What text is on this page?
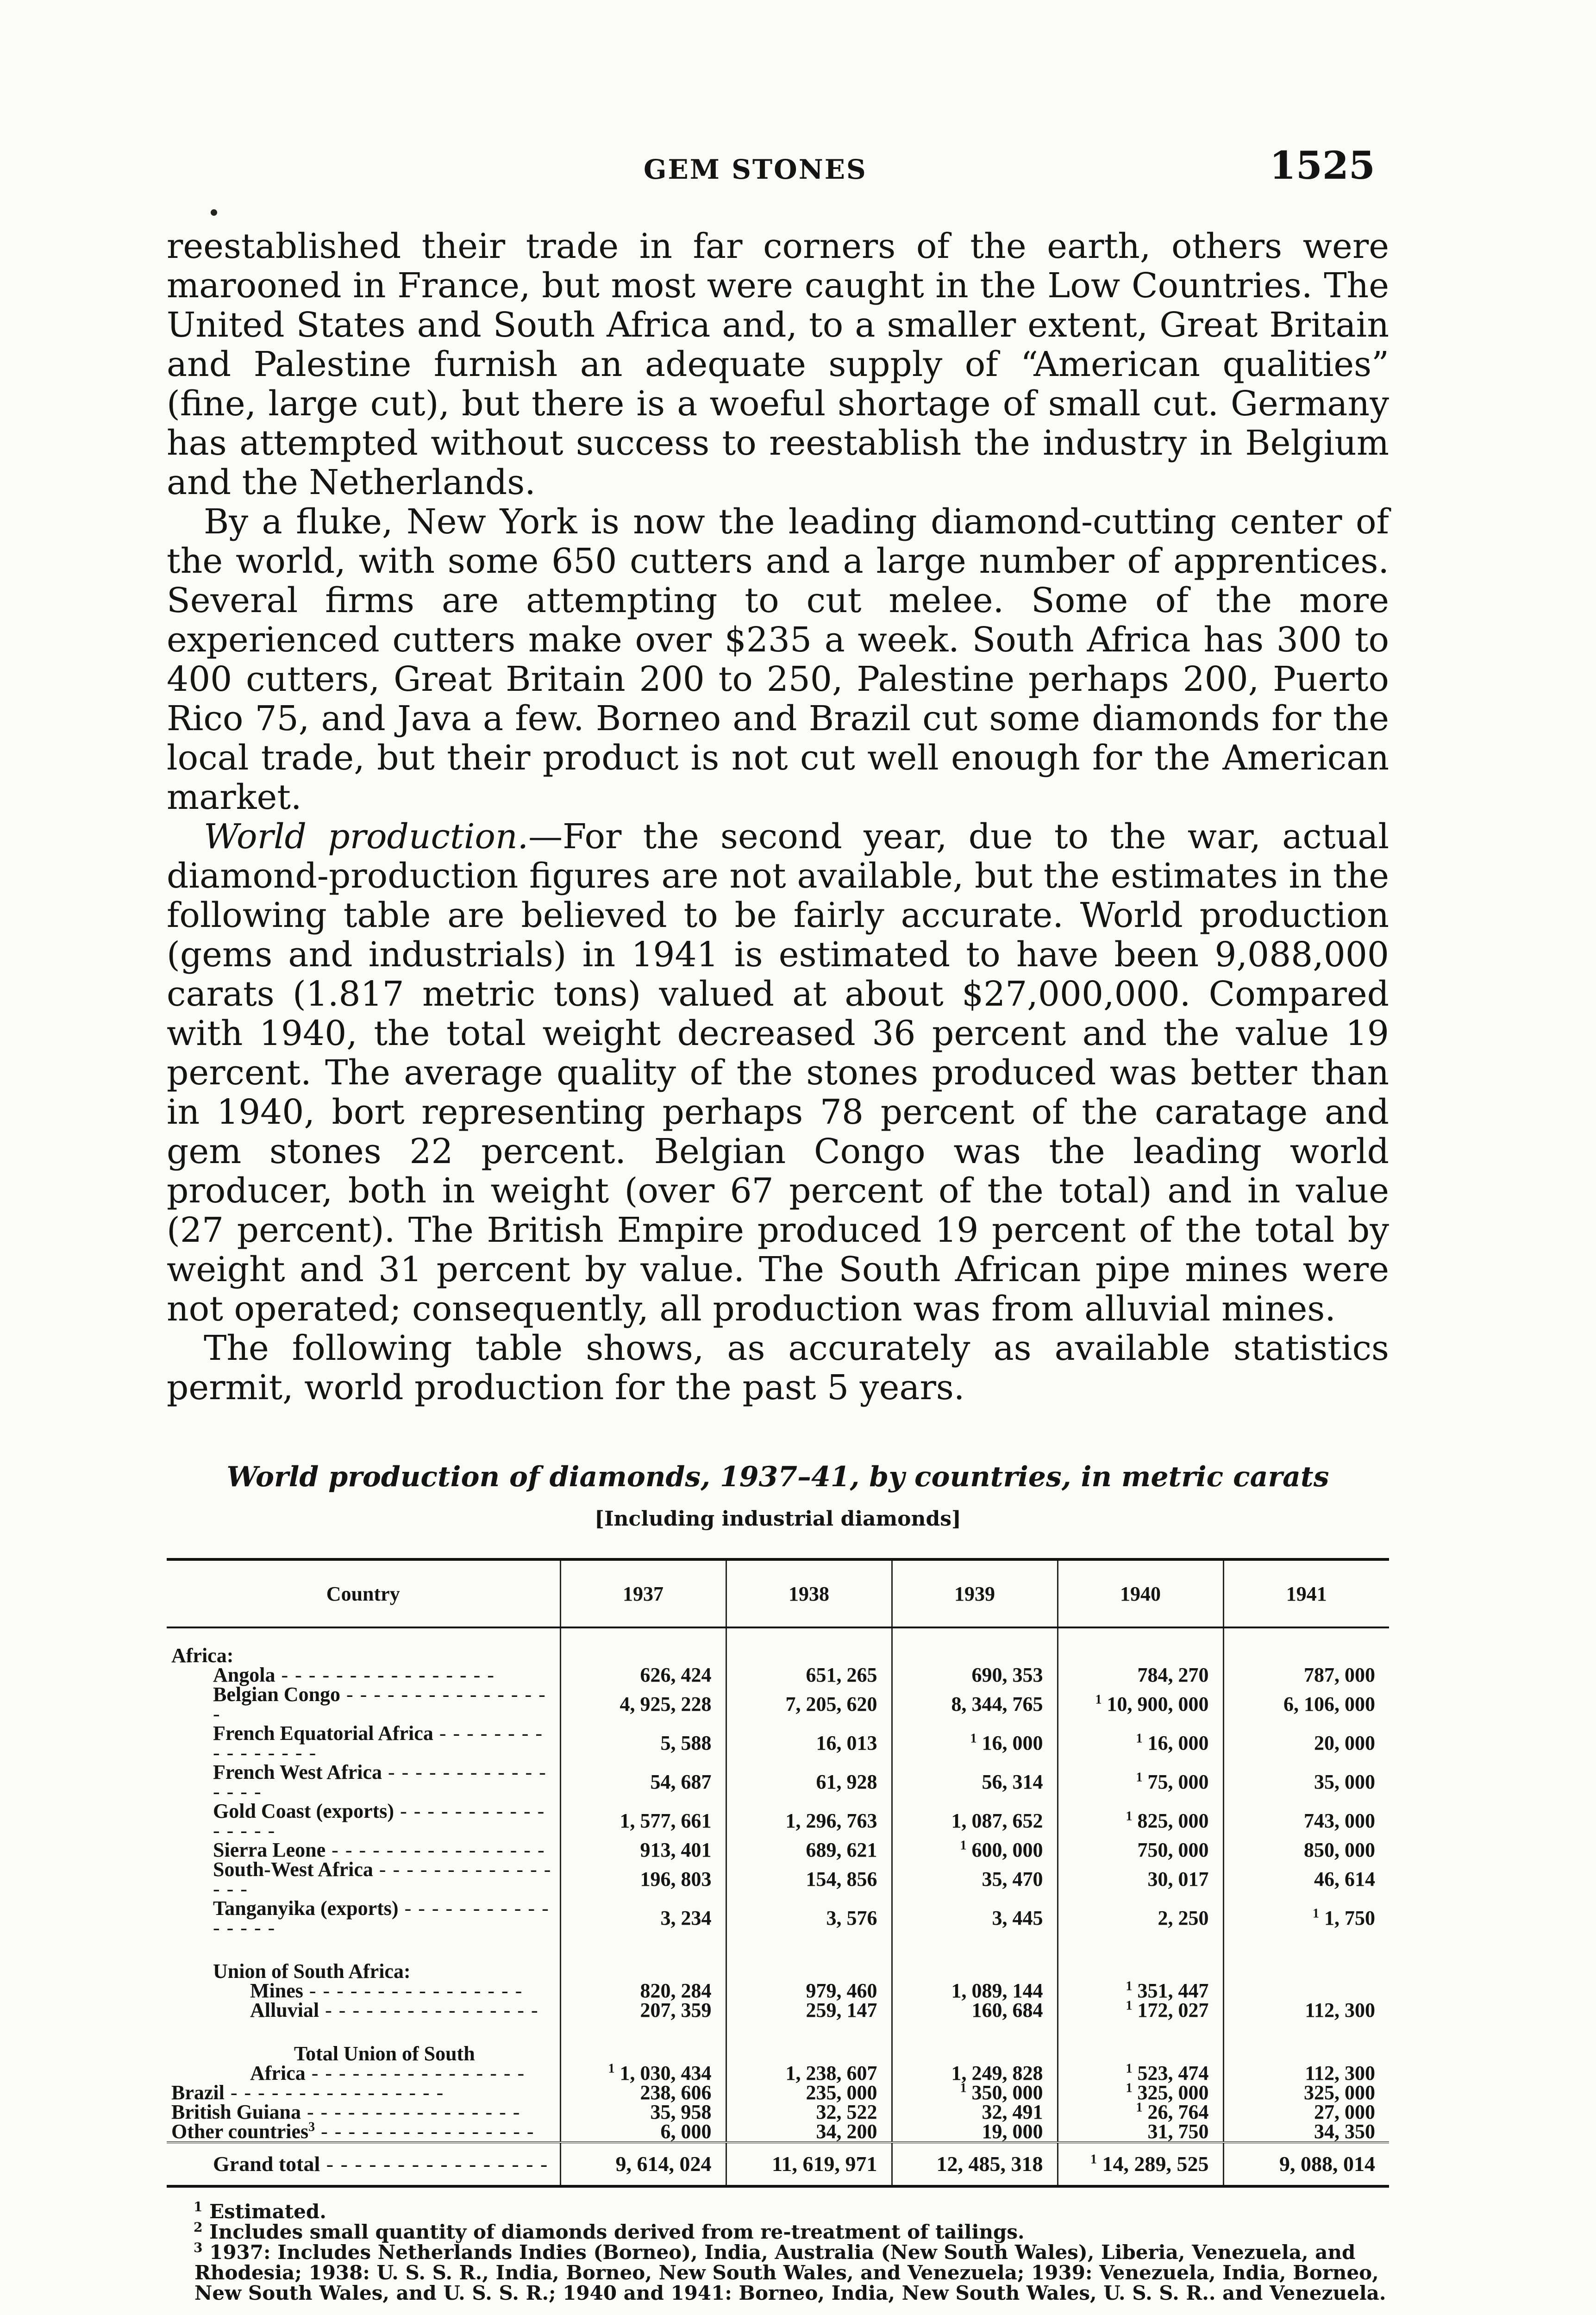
GEM STONES	1525

reestablished their trade in far corners of the earth, others were marooned in France, but most were caught in the Low Countries. The United States and South Africa and, to a smaller extent, Great Britain and Palestine furnish an adequate supply of “American qualities” (fine, large cut), but there is a woeful shortage of small cut. Germany has attempted without success to reestablish the industry in Belgium and the Netherlands.

By a fluke, New York is now the leading diamond-cutting center of the world, with some 650 cutters and a large number of apprentices. Several firms are attempting to cut melee. Some of the more experienced cutters make over $235 a week. South Africa has 300 to 400 cutters, Great Britain 200 to 250, Palestine perhaps 200, Puerto Rico 75, and Java a few. Borneo and Brazil cut some diamonds for the local trade, but their product is not cut well enough for the American market.

World production.—For the second year, due to the war, actual diamond-production figures are not available, but the estimates in the following table are believed to be fairly accurate. World production (gems and industrials) in 1941 is estimated to have been 9,088,000 carats (1.817 metric tons) valued at about $27,000,000. Compared with 1940, the total weight decreased 36 percent and the value 19 percent. The average quality of the stones produced was better than in 1940, bort representing perhaps 78 percent of the caratage and gem stones 22 percent. Belgian Congo was the leading world producer, both in weight (over 67 percent of the total) and in value (27 percent). The British Empire produced 19 percent of the total by weight and 31 percent by value. The South African pipe mines were not operated; consequently, all production was from alluvial mines.

The following table shows, as accurately as available statistics permit, world production for the past 5 years.

World production of diamonds, 1937–41, by countries, in metric carats
[Including industrial diamonds]
Country	1937	1938	1939	1940	1941

Africa:					
Angola - - - - - - - - - - - - - - - -	626, 424	651, 265	690, 353	784, 270	787, 000
Belgian Congo - - - - - - - - - - - - - - - -	4, 925, 228	7, 205, 620	8, 344, 765	$^1$ 10, 900, 000	6, 106, 000
French Equatorial Africa - - - - - - - - - - - - - - - -	5, 588	16, 013	$^1$ 16, 000	$^1$ 16, 000	20, 000
French West Africa - - - - - - - - - - - - - - - -	54, 687	61, 928	56, 314	$^1$ 75, 000	35, 000
Gold Coast (exports) - - - - - - - - - - - - - - - -	1, 577, 661	1, 296, 763	1, 087, 652	$^1$ 825, 000	743, 000
Sierra Leone - - - - - - - - - - - - - - - -	913, 401	689, 621	$^1$ 600, 000	750, 000	850, 000
South-West Africa - - - - - - - - - - - - - - - -	196, 803	154, 856	35, 470	30, 017	46, 614
Tanganyika (exports) - - - - - - - - - - - - - - - -	3, 234	3, 576	3, 445	2, 250	$^1$ 1, 750

Union of South Africa:					
Mines - - - - - - - - - - - - - - - -	820, 284	979, 460	1, 089, 144	$^1$ 351, 447	
Alluvial - - - - - - - - - - - - - - - -	207, 359	259, 147	160, 684	$^1$ 172, 027	112, 300

Total Union of South					
Africa - - - - - - - - - - - - - - - -	$^1$ 1, 030, 434	1, 238, 607	1, 249, 828	$^1$ 523, 474	112, 300
Brazil - - - - - - - - - - - - - - - -	238, 606	235, 000	$^1$ 350, 000	$^1$ 325, 000	325, 000
British Guiana - - - - - - - - - - - - - - - -	35, 958	32, 522	32, 491	$^1$ 26, 764	27, 000
Other countries$^3$ - - - - - - - - - - - - - - - -	6, 000	34, 200	19, 000	31, 750	34, 350
Grand total - - - - - - - - - - - - - - - -	9, 614, 024	11, 619, 971	12, 485, 318	$^1$ 14, 289, 525	9, 088, 014

$^1$ Estimated.

$^2$ Includes small quantity of diamonds derived from re-treatment of tailings.

$^3$ 1937: Includes Netherlands Indies (Borneo), India, Australia (New South Wales), Liberia, Venezuela, and Rhodesia; 1938: U. S. S. R., India, Borneo, New South Wales, and Venezuela; 1939: Venezuela, India, Borneo, New South Wales, and U. S. S. R.; 1940 and 1941: Borneo, India, New South Wales, U. S. S. R.. and Venezuela.
